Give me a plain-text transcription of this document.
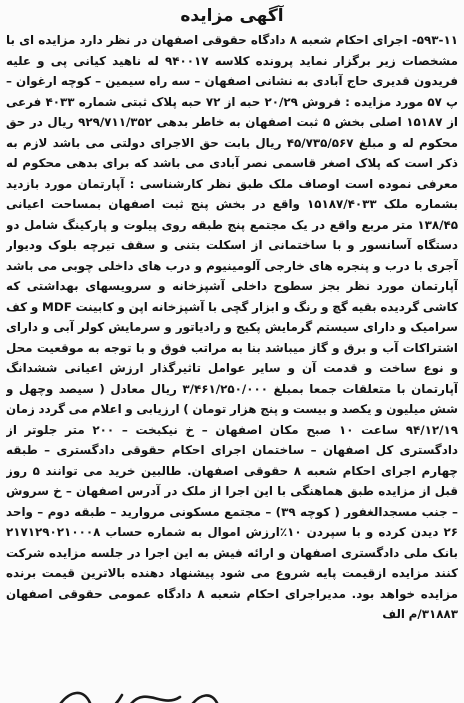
آگهی مزایده

۵۹۳-۱۱- اجرای احکام شعبه ۸ دادگاه حقوقی اصفهان در نظر دارد مزایده ای با مشخصات زیر برگزار نماید پرونده کلاسه ۹۴۰۰۱۷ له ناهید کیانی پی و علیه فریدون قدیری حاج آبادی به نشانی اصفهان – سه راه سیمین – کوچه ارغوان – پ ۵۷ مورد مزایده : فروش ۲۰/۲۹ حبه از ۷۲ حبه پلاک ثبتی شماره ۴۰۳۳ فرعی از ۱۵۱۸۷ اصلی بخش ۵ ثبت اصفهان به خاطر بدهی ۹۲۹/۷۱۱/۳۵۲ ریال در حق محکوم له و مبلغ ۴۵/۷۳۵/۵۶۷ ریال بابت حق الاجرای دولتی می باشد لازم به ذکر است که پلاک اصغر قاسمی نصر آبادی می باشد که برای بدهی محکوم له معرفی نموده است اوصاف ملک طبق نظر کارشناسی : آپارتمان مورد بازدید بشماره ملک ۱۵۱۸۷/۴۰۳۳ واقع در بخش پنج ثبت اصفهان بمساحت اعیانی ۱۳۸/۴۵ متر مربع واقع در یک مجتمع پنج طبقه روی پیلوت و پارکینگ شامل دو دستگاه آسانسور و با ساختمانی از اسکلت بتنی و سقف تیرچه بلوک ودیوار آجری با درب و پنجره های خارجی آلومینیوم و درب های داخلی چوبی می باشد آپارتمان مورد نظر بجز سطوح داخلی آشپزخانه و سرویسهای بهداشتی که کاشی گردیده بقیه گچ و رنگ و ابزار گچی با آشپزخانه اپن و کابینت MDF و کف سرامیک و دارای سیستم گرمایش پکیج و رادیاتور و سرمایش کولر آبی و دارای اشتراکات آب و برق و گاز میباشد بنا به مراتب فوق و با توجه به موقعیت محل و نوع ساخت و قدمت آن و سایر عوامل تاثیرگذار ارزش اعیانی ششدانگ آپارتمان با متعلقات جمعا بمبلغ ۳/۴۶۱/۲۵۰/۰۰۰ ریال معادل ( سیصد وچهل و شش میلیون و یکصد و بیست و پنج هزار تومان ) ارزیابی و اعلام می گردد زمان ۹۴/۱۲/۱۹ ساعت ۱۰ صبح مکان اصفهان – خ نیکبخت – ۲۰۰ متر جلوتر از دادگستری کل اصفهان – ساختمان اجرای احکام حقوقی دادگستری – طبقه چهارم اجرای احکام شعبه ۸ حقوقی اصفهان. طالبین خرید می توانند ۵ روز قبل از مزایده طبق هماهنگی با این اجرا از ملک در آدرس اصفهان – خ سروش – جنب مسجدالغفور ( کوچه ۳۹) – مجتمع مسکونی مروارید – طبقه دوم – واحد ۲۶ دیدن کرده و با سپردن ۱۰٪ارزش اموال به شماره حساب ۲۱۷۱۲۹۰۲۱۰۰۰۸ بانک ملی دادگستری اصفهان و ارائه فیش به این اجرا در جلسه مزایده شرکت کنند مزایده ازقیمت پایه شروع می شود پیشنهاد دهنده بالاترین قیمت برنده مزایده خواهد بود. مدیراجرای احکام شعبه ۸ دادگاه عمومی حقوقی اصفهان ۳۱۸۸۳/م الف
